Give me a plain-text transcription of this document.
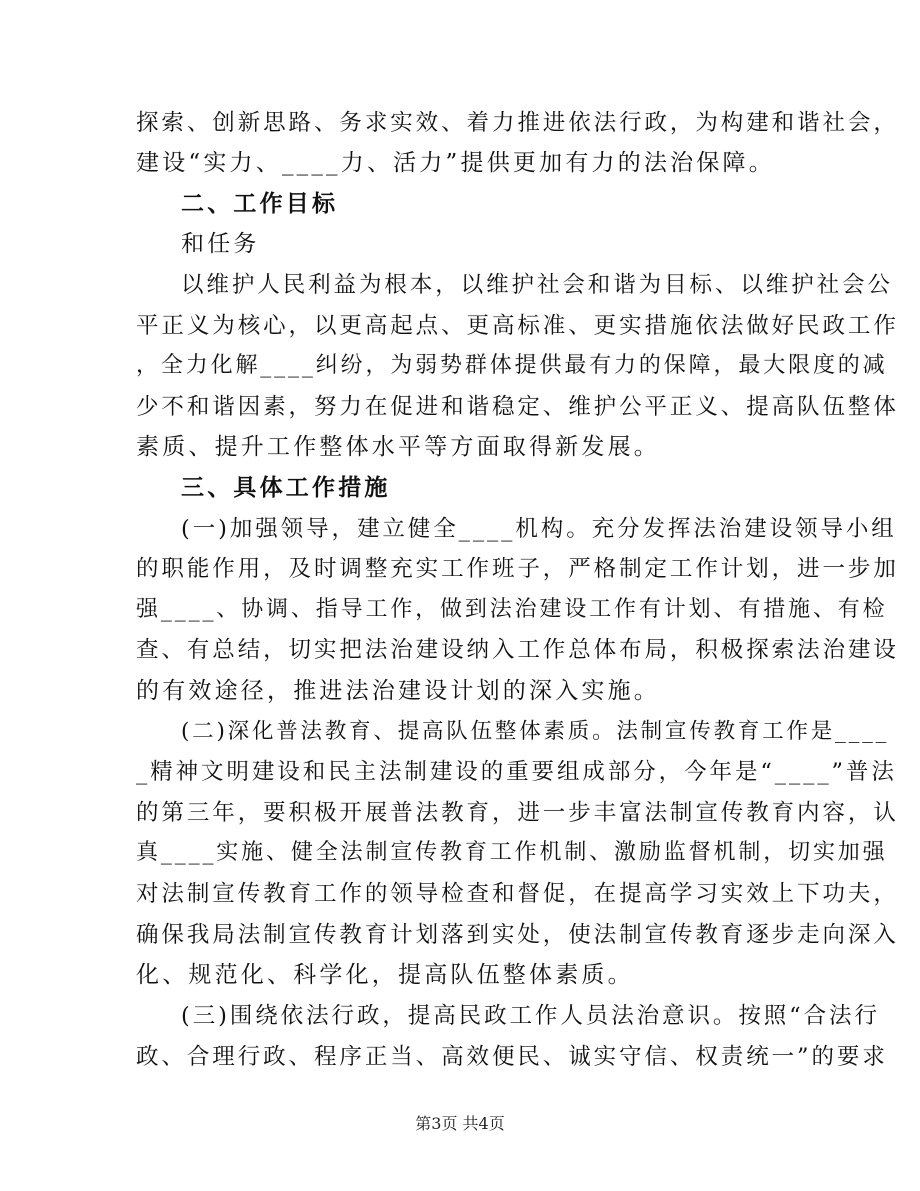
探索、创新思路、务求实效、着力推进依法行政，为构建和谐社会，
建设“实力、____力、活力”提供更加有力的法治保障。
二、工作目标
和任务
以维护人民利益为根本，以维护社会和谐为目标、以维护社会公
平正义为核心，以更高起点、更高标准、更实措施依法做好民政工作
，全力化解____纠纷，为弱势群体提供最有力的保障，最大限度的减
少不和谐因素，努力在促进和谐稳定、维护公平正义、提高队伍整体
素质、提升工作整体水平等方面取得新发展。
三、具体工作措施
(一)加强领导，建立健全____机构。充分发挥法治建设领导小组
的职能作用，及时调整充实工作班子，严格制定工作计划，进一步加
强____、协调、指导工作，做到法治建设工作有计划、有措施、有检
查、有总结，切实把法治建设纳入工作总体布局，积极探索法治建设
的有效途径，推进法治建设计划的深入实施。
(二)深化普法教育、提高队伍整体素质。法制宣传教育工作是____
_精神文明建设和民主法制建设的重要组成部分，今年是“____”普法
的第三年，要积极开展普法教育，进一步丰富法制宣传教育内容，认
真____实施、健全法制宣传教育工作机制、激励监督机制，切实加强
对法制宣传教育工作的领导检查和督促，在提高学习实效上下功夫，
确保我局法制宣传教育计划落到实处，使法制宣传教育逐步走向深入
化、规范化、科学化，提高队伍整体素质。
(三)围绕依法行政，提高民政工作人员法治意识。按照“合法行
政、合理行政、程序正当、高效便民、诚实守信、权责统一”的要求
第3页 共4页
